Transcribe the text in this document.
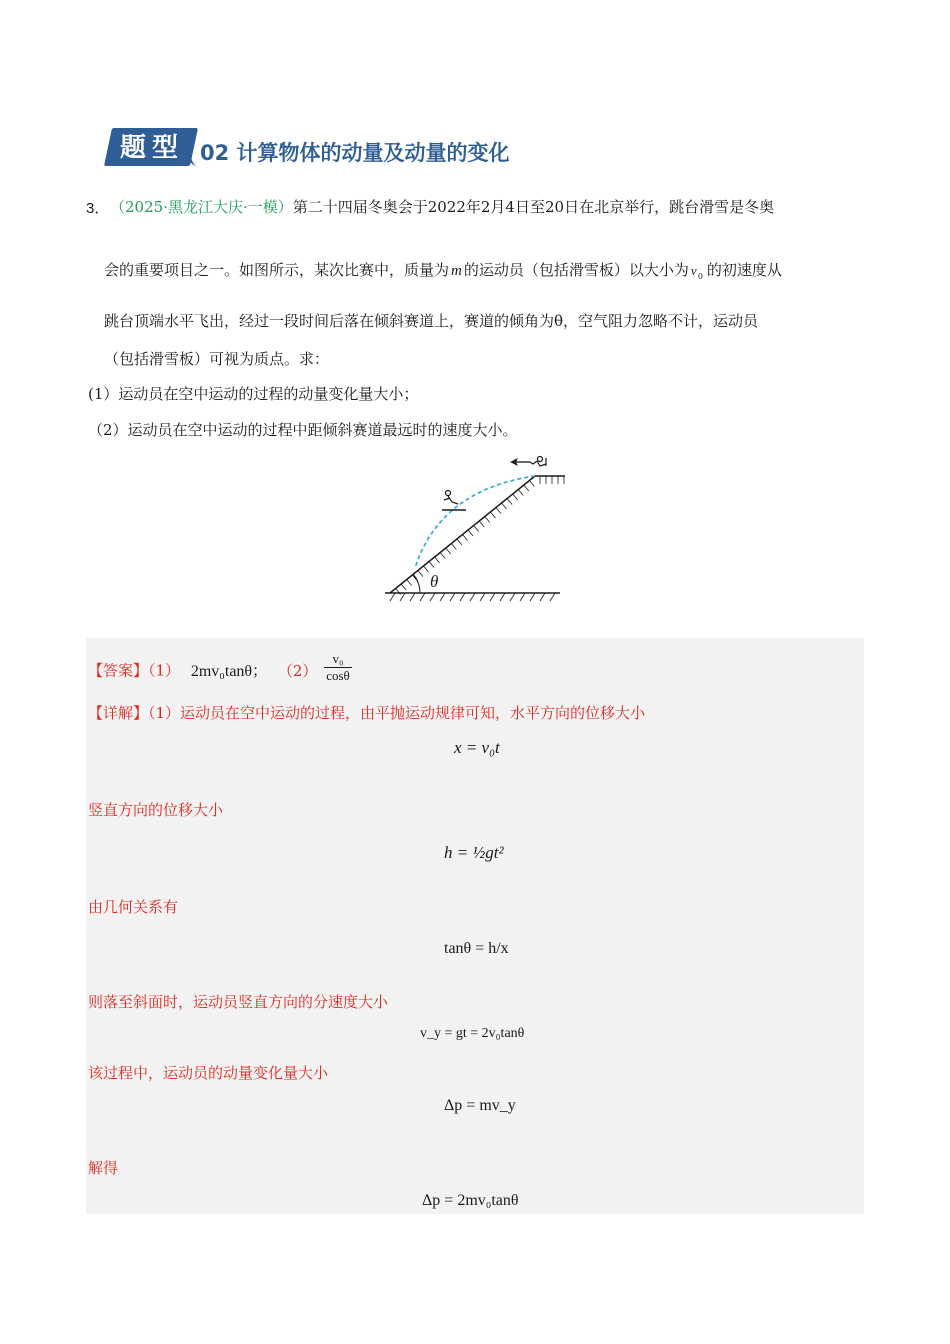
题型 02 计算物体的动量及动量的变化
3． （2025·黑龙江大庆·一模）第二十四届冬奥会于2022年2月4日至20日在北京举行，跳台滑雪是冬奥
会的重要项目之一。如图所示，某次比赛中，质量为 m 的运动员（包括滑雪板）以大小为 v 0 的初速度从
跳台顶端水平飞出，经过一段时间后落在倾斜赛道上，赛道的倾角为θ，空气阻力忽略不计，运动员
（包括滑雪板）可视为质点。求：
(1）运动员在空中运动的过程的动量变化量大小；
（2）运动员在空中运动的过程中距倾斜赛道最远时的速度大小。
θ
【答案】（1） 2mv₀tanθ； $(2) \frac{\text{v₀}}{\cos\theta}$
【详解】（1）运动员在空中运动的过程，由平抛运动规律可知，水平方向的位移大小
x = v₀t
竖直方向的位移大小
h = ½gt²
由几何关系有
tanθ = h/x
则落至斜面时，运动员竖直方向的分速度大小
v_y = gt = 2v₀tanθ
该过程中，运动员的动量变化量大小
Δp = mv_y
解得
Δp = 2mv₀tanθ
